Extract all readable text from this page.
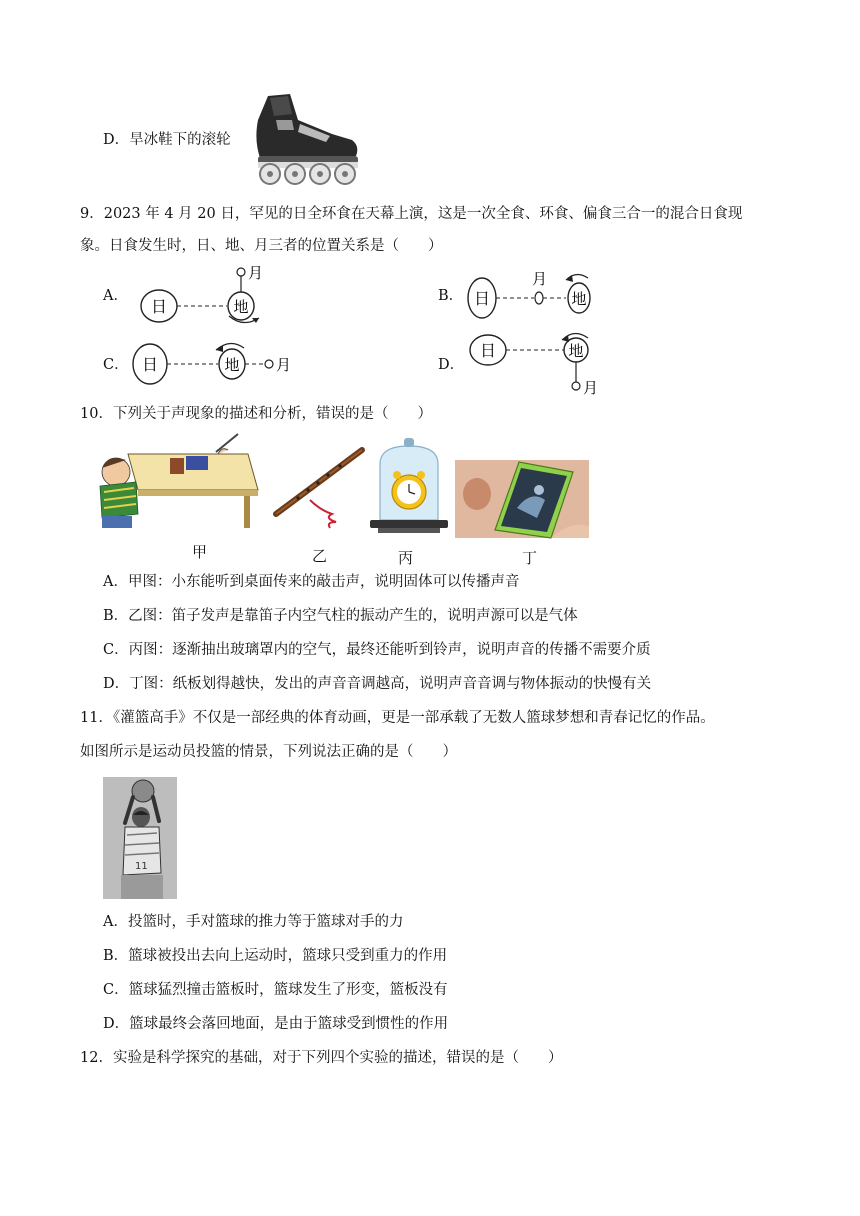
D．旱冰鞋下的滚轮
9．2023 年 4 月 20 日，罕见的日全环食在天幕上演，这是一次全食、环食、偏食三合一的混合日食现
象。日食发生时，日、地、月三者的位置关系是（　　）
A．
日	地
月
B． 日	地
月
C． 日	地 月	D．
日	地
月
10．下列关于声现象的描述和分析，错误的是（　　）
甲	乙	丙	丁
A．甲图：小东能听到桌面传来的敲击声，说明固体可以传播声音
B．乙图：笛子发声是靠笛子内空气柱的振动产生的，说明声源可以是气体
C．丙图：逐渐抽出玻璃罩内的空气，最终还能听到铃声，说明声音的传播不需要介质
D．丁图：纸板划得越快，发出的声音音调越高，说明声音音调与物体振动的快慢有关
11．《灌篮高手》不仅是一部经典的体育动画，更是一部承载了无数人篮球梦想和青春记忆的作品。
如图所示是运动员投篮的情景，下列说法正确的是（　　）
11
A．投篮时，手对篮球的推力等于篮球对手的力
B．篮球被投出去向上运动时，篮球只受到重力的作用
C．篮球猛烈撞击篮板时，篮球发生了形变，篮板没有
D．篮球最终会落回地面，是由于篮球受到惯性的作用
12．实验是科学探究的基础，对于下列四个实验的描述，错误的是（　　）
